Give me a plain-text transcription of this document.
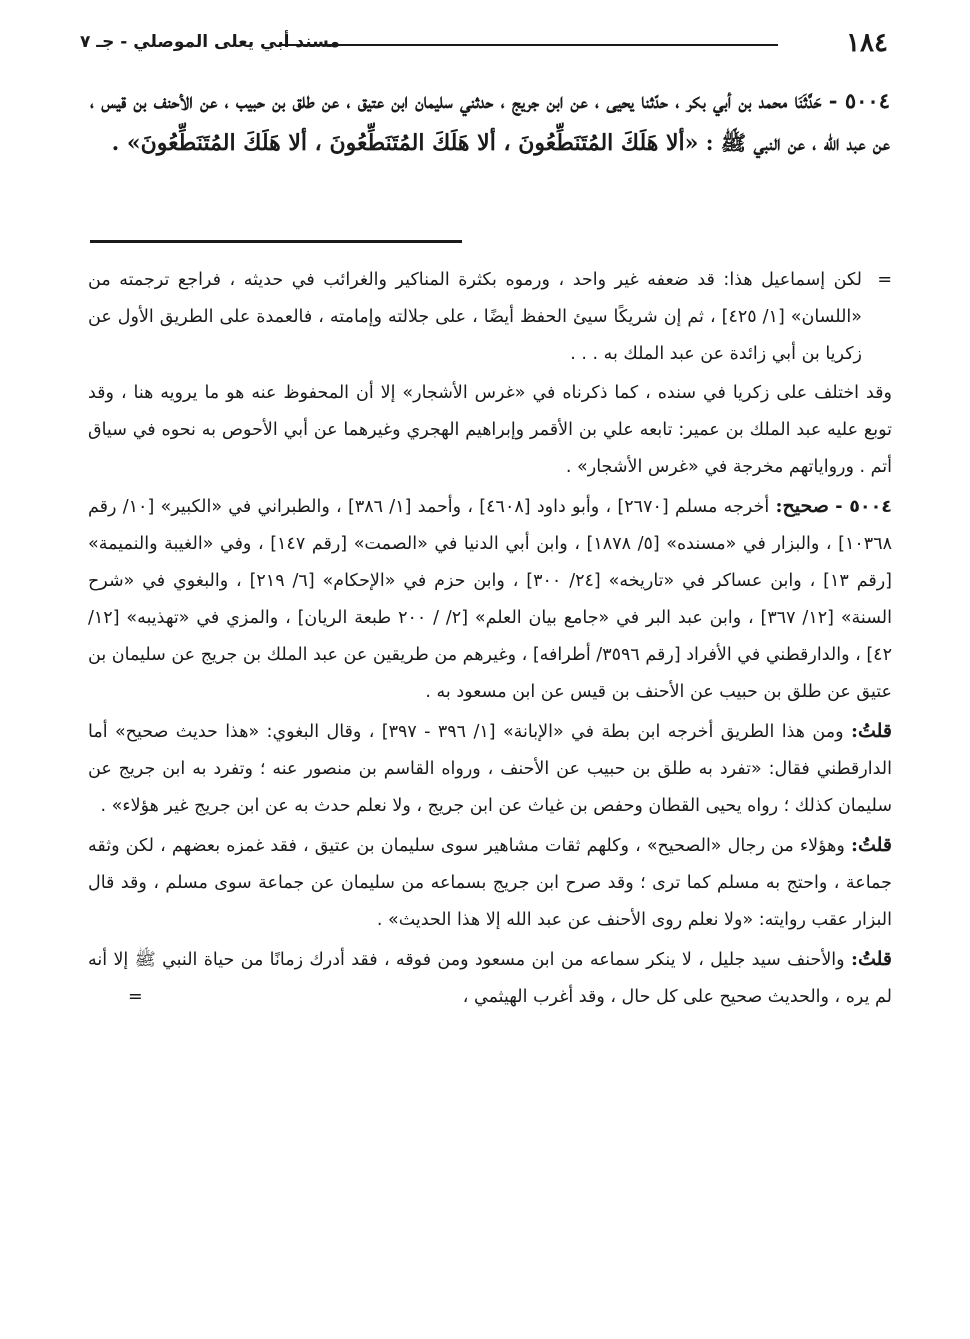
١٨٤
مسند أبي يعلى الموصلي - جـ ٧
٥٠٠٤ - حَدَّثَنَا محمد بن أبي بكر ، حدّثنا يحيى ، عن ابن جريج ، حدثني سليمان ابن عتيق ، عن طلق بن حبيب ، عن الأحنف بن قيس ، عن عبد الله ، عن النبي ﷺ : «ألا هَلَكَ المُتَنَطِّعُونَ ، ألا هَلَكَ المُتَنَطِّعُونَ ، ألا هَلَكَ المُتَنَطِّعُونَ» .

=
لكن إسماعيل هذا: قد ضعفه غير واحد ، ورموه بكثرة المناكير والغرائب في حديثه ، فراجع ترجمته من «اللسان» [١/ ٤٢٥] ، ثم إن شريكًا سيئ الحفظ أيضًا ، على جلالته وإمامته ، فالعمدة على الطريق الأول عن زكريا بن أبي زائدة عن عبد الملك به . . .

وقد اختلف على زكريا في سنده ، كما ذكرناه في «غرس الأشجار» إلا أن المحفوظ عنه هو ما يرويه هنا ، وقد توبع عليه عبد الملك بن عمير: تابعه علي بن الأقمر وإبراهيم الهجري وغيرهما عن أبي الأحوص به نحوه في سياق أتم . ورواياتهم مخرجة في «غرس الأشجار» .

٥٠٠٤ - صحيح: أخرجه مسلم [٢٦٧٠] ، وأبو داود [٤٦٠٨] ، وأحمد [١/ ٣٨٦] ، والطبراني في «الكبير» [١٠/ رقم ١٠٣٦٨] ، والبزار في «مسنده» [٥/ ١٨٧٨] ، وابن أبي الدنيا في «الصمت» [رقم ١٤٧] ، وفي «الغيبة والنميمة» [رقم ١٣] ، وابن عساكر في «تاريخه» [٢٤/ ٣٠٠] ، وابن حزم في «الإحكام» [٦/ ٢١٩] ، والبغوي في «شرح السنة» [١٢/ ٣٦٧] ، وابن عبد البر في «جامع بيان العلم» [٢/ / ٢٠٠ طبعة الريان] ، والمزي في «تهذيبه» [١٢/ ٤٢] ، والدارقطني في الأفراد [رقم ٣٥٩٦/ أطرافه] ، وغيرهم من طريقين عن عبد الملك بن جريج عن سليمان بن عتيق عن طلق بن حبيب عن الأحنف بن قيس عن ابن مسعود به .

قلتُ: ومن هذا الطريق أخرجه ابن بطة في «الإبانة» [١/ ٣٩٦ - ٣٩٧] ، وقال البغوي: «هذا حديث صحيح» أما الدارقطني فقال: «تفرد به طلق بن حبيب عن الأحنف ، ورواه القاسم بن منصور عنه ؛ وتفرد به ابن جريج عن سليمان كذلك ؛ رواه يحيى القطان وحفص بن غياث عن ابن جريج ، ولا نعلم حدث به عن ابن جريج غير هؤلاء» .

قلتُ: وهؤلاء من رجال «الصحيح» ، وكلهم ثقات مشاهير سوى سليمان بن عتيق ، فقد غمزه بعضهم ، لكن وثقه جماعة ، واحتج به مسلم كما ترى ؛ وقد صرح ابن جريج بسماعه من سليمان عن جماعة سوى مسلم ، وقد قال البزار عقب روايته: «ولا نعلم روى الأحنف عن عبد الله إلا هذا الحديث» .

قلتُ: والأحنف سيد جليل ، لا ينكر سماعه من ابن مسعود ومن فوقه ، فقد أدرك زمانًا من حياة النبي ﷺ إلا أنه لم يره ، والحديث صحيح على كل حال ، وقد أغرب الهيثمي ،
=
